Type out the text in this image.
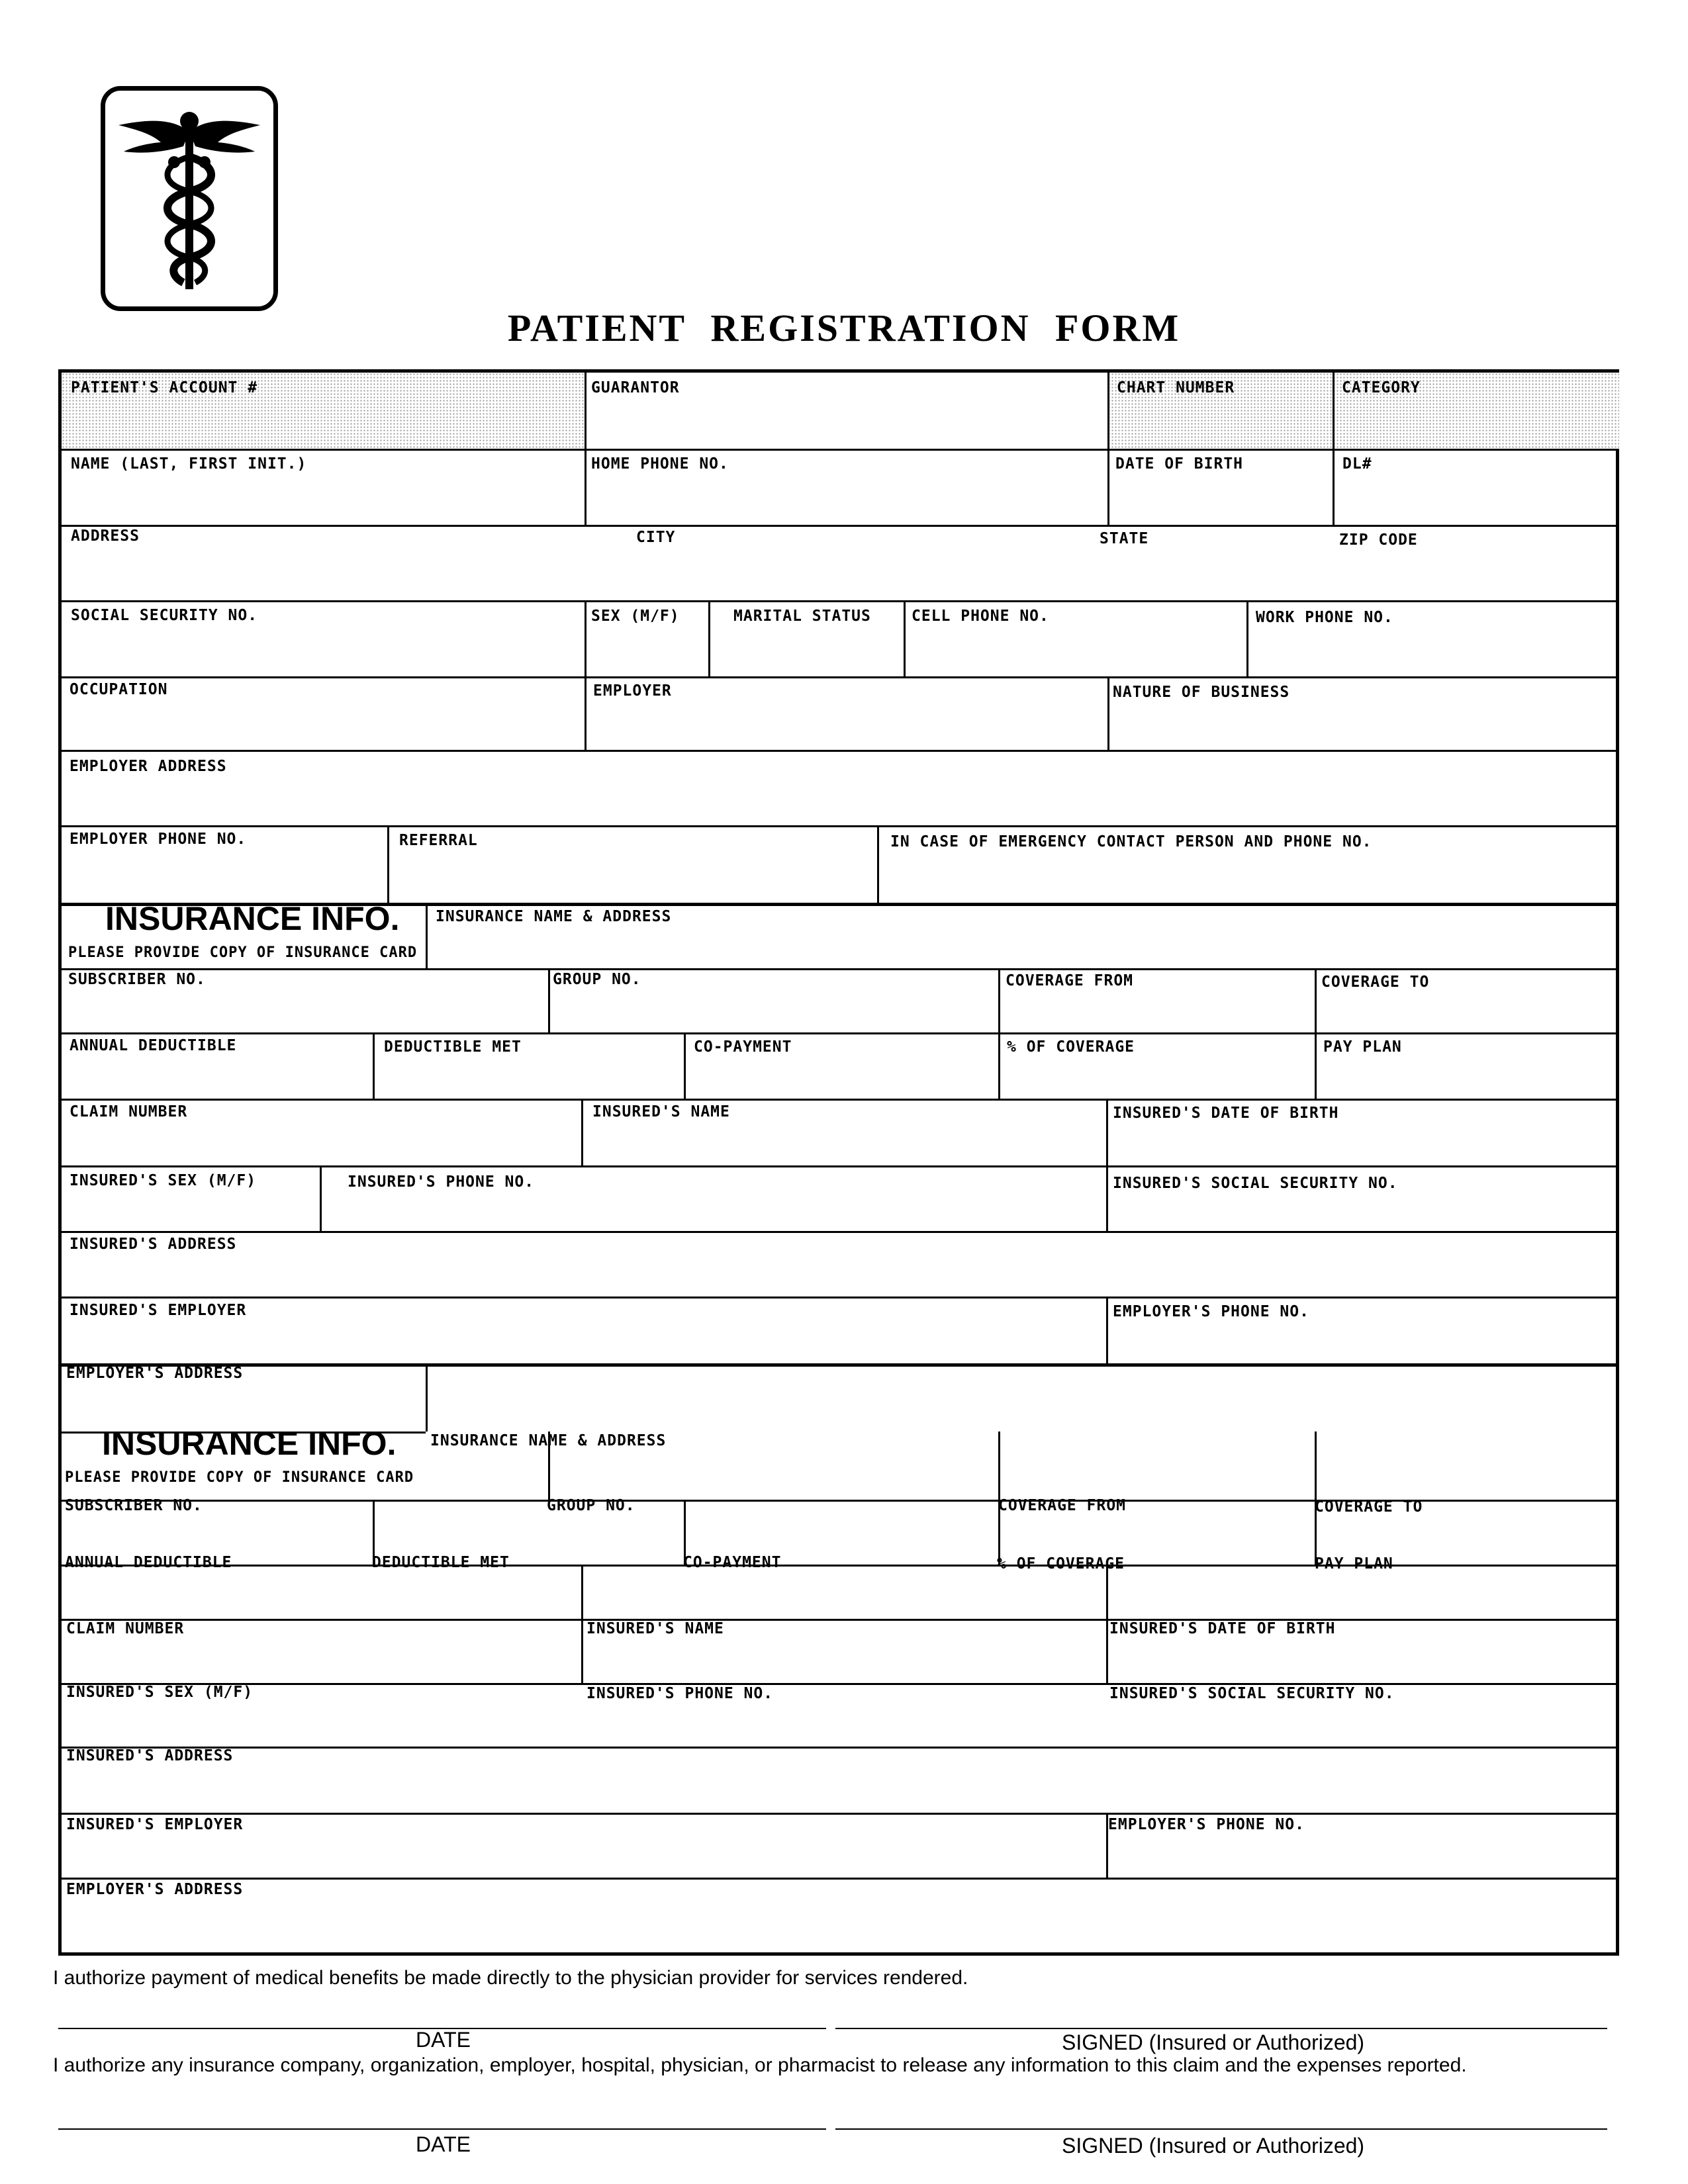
PATIENT REGISTRATION FORM
PATIENT'S ACCOUNT #	GUARANTOR	CHART NUMBER	CATEGORY
NAME (LAST, FIRST INIT.)	HOME PHONE NO.	DATE OF BIRTH	DL#
ADDRESS	CITY	STATE	ZIP CODE
SOCIAL SECURITY NO.	SEX (M/F)	MARITAL STATUS	CELL PHONE NO.	WORK PHONE NO.
OCCUPATION	EMPLOYER	NATURE OF BUSINESS
EMPLOYER ADDRESS
EMPLOYER PHONE NO.	REFERRAL	IN CASE OF EMERGENCY CONTACT PERSON AND PHONE NO.
INSURANCE INFO.
PLEASE PROVIDE COPY OF INSURANCE CARD
INSURANCE NAME & ADDRESS
SUBSCRIBER NO.	GROUP NO.	COVERAGE FROM	COVERAGE TO
ANNUAL DEDUCTIBLE	DEDUCTIBLE MET	CO-PAYMENT	% OF COVERAGE	PAY PLAN
CLAIM NUMBER	INSURED'S NAME	INSURED'S DATE OF BIRTH
INSURED'S SEX (M/F)	INSURED'S PHONE NO.	INSURED'S SOCIAL SECURITY NO.
INSURED'S ADDRESS
INSURED'S EMPLOYER	EMPLOYER'S PHONE NO.
EMPLOYER'S ADDRESS
INSURANCE INFO.
PLEASE PROVIDE COPY OF INSURANCE CARD
INSURANCE NAME & ADDRESS
SUBSCRIBER NO.	GROUP NO.	COVERAGE FROM	COVERAGE TO
ANNUAL DEDUCTIBLE	DEDUCTIBLE MET	CO-PAYMENT	% OF COVERAGE	PAY PLAN
CLAIM NUMBER	INSURED'S NAME	INSURED'S DATE OF BIRTH
INSURED'S SEX (M/F)	INSURED'S PHONE NO.	INSURED'S SOCIAL SECURITY NO.
INSURED'S ADDRESS
INSURED'S EMPLOYER	EMPLOYER'S PHONE NO.
EMPLOYER'S ADDRESS
I authorize payment of medical benefits be made directly to the physician provider for services rendered.
DATE	SIGNED (Insured or Authorized)
I authorize any insurance company, organization, employer, hospital, physician, or pharmacist to release any information to this claim and the expenses reported.
DATE	SIGNED (Insured or Authorized)
